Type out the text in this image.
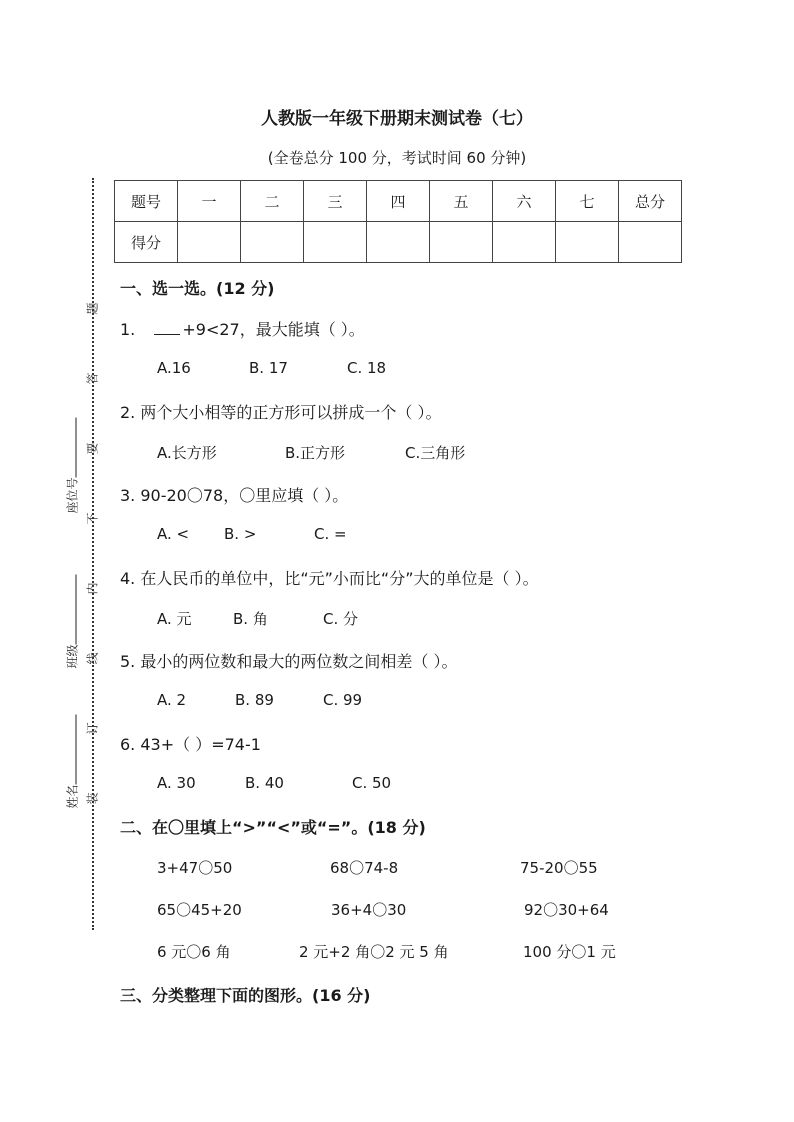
人教版一年级下册期末测试卷（七）
(全卷总分 100 分，考试时间 60 分钟)
题号	一	二	三	四	五	六	七	总分
得分								
题
答
要
不
内
线
订
装
座位号
班级
姓名
一、选一选。(12 分)
1.	+9<27，最大能填（ ）。
A.16	B. 17	C. 18
2. 两个大小相等的正方形可以拼成一个（ ）。
A.长方形	B.正方形	C.三角形
3. 90-20〇78，〇里应填（ ）。
A. < B. >	C. =
4. 在人民币的单位中，比“元”小而比“分”大的单位是（ ）。
A. 元	B. 角	C. 分
5. 最小的两位数和最大的两位数之间相差（ ）。
A. 2	B. 89	C. 99
6. 43+（ ）=74-1
A. 30	B. 40	C. 50
二、在〇里填上“>”“<”或“=”。(18 分)
3+47〇50	68〇74-8	75-20〇55
65〇45+20	36+4〇30	92〇30+64
6 元〇6 角	2 元+2 角〇2 元 5 角	100 分〇1 元
三、分类整理下面的图形。(16 分)
